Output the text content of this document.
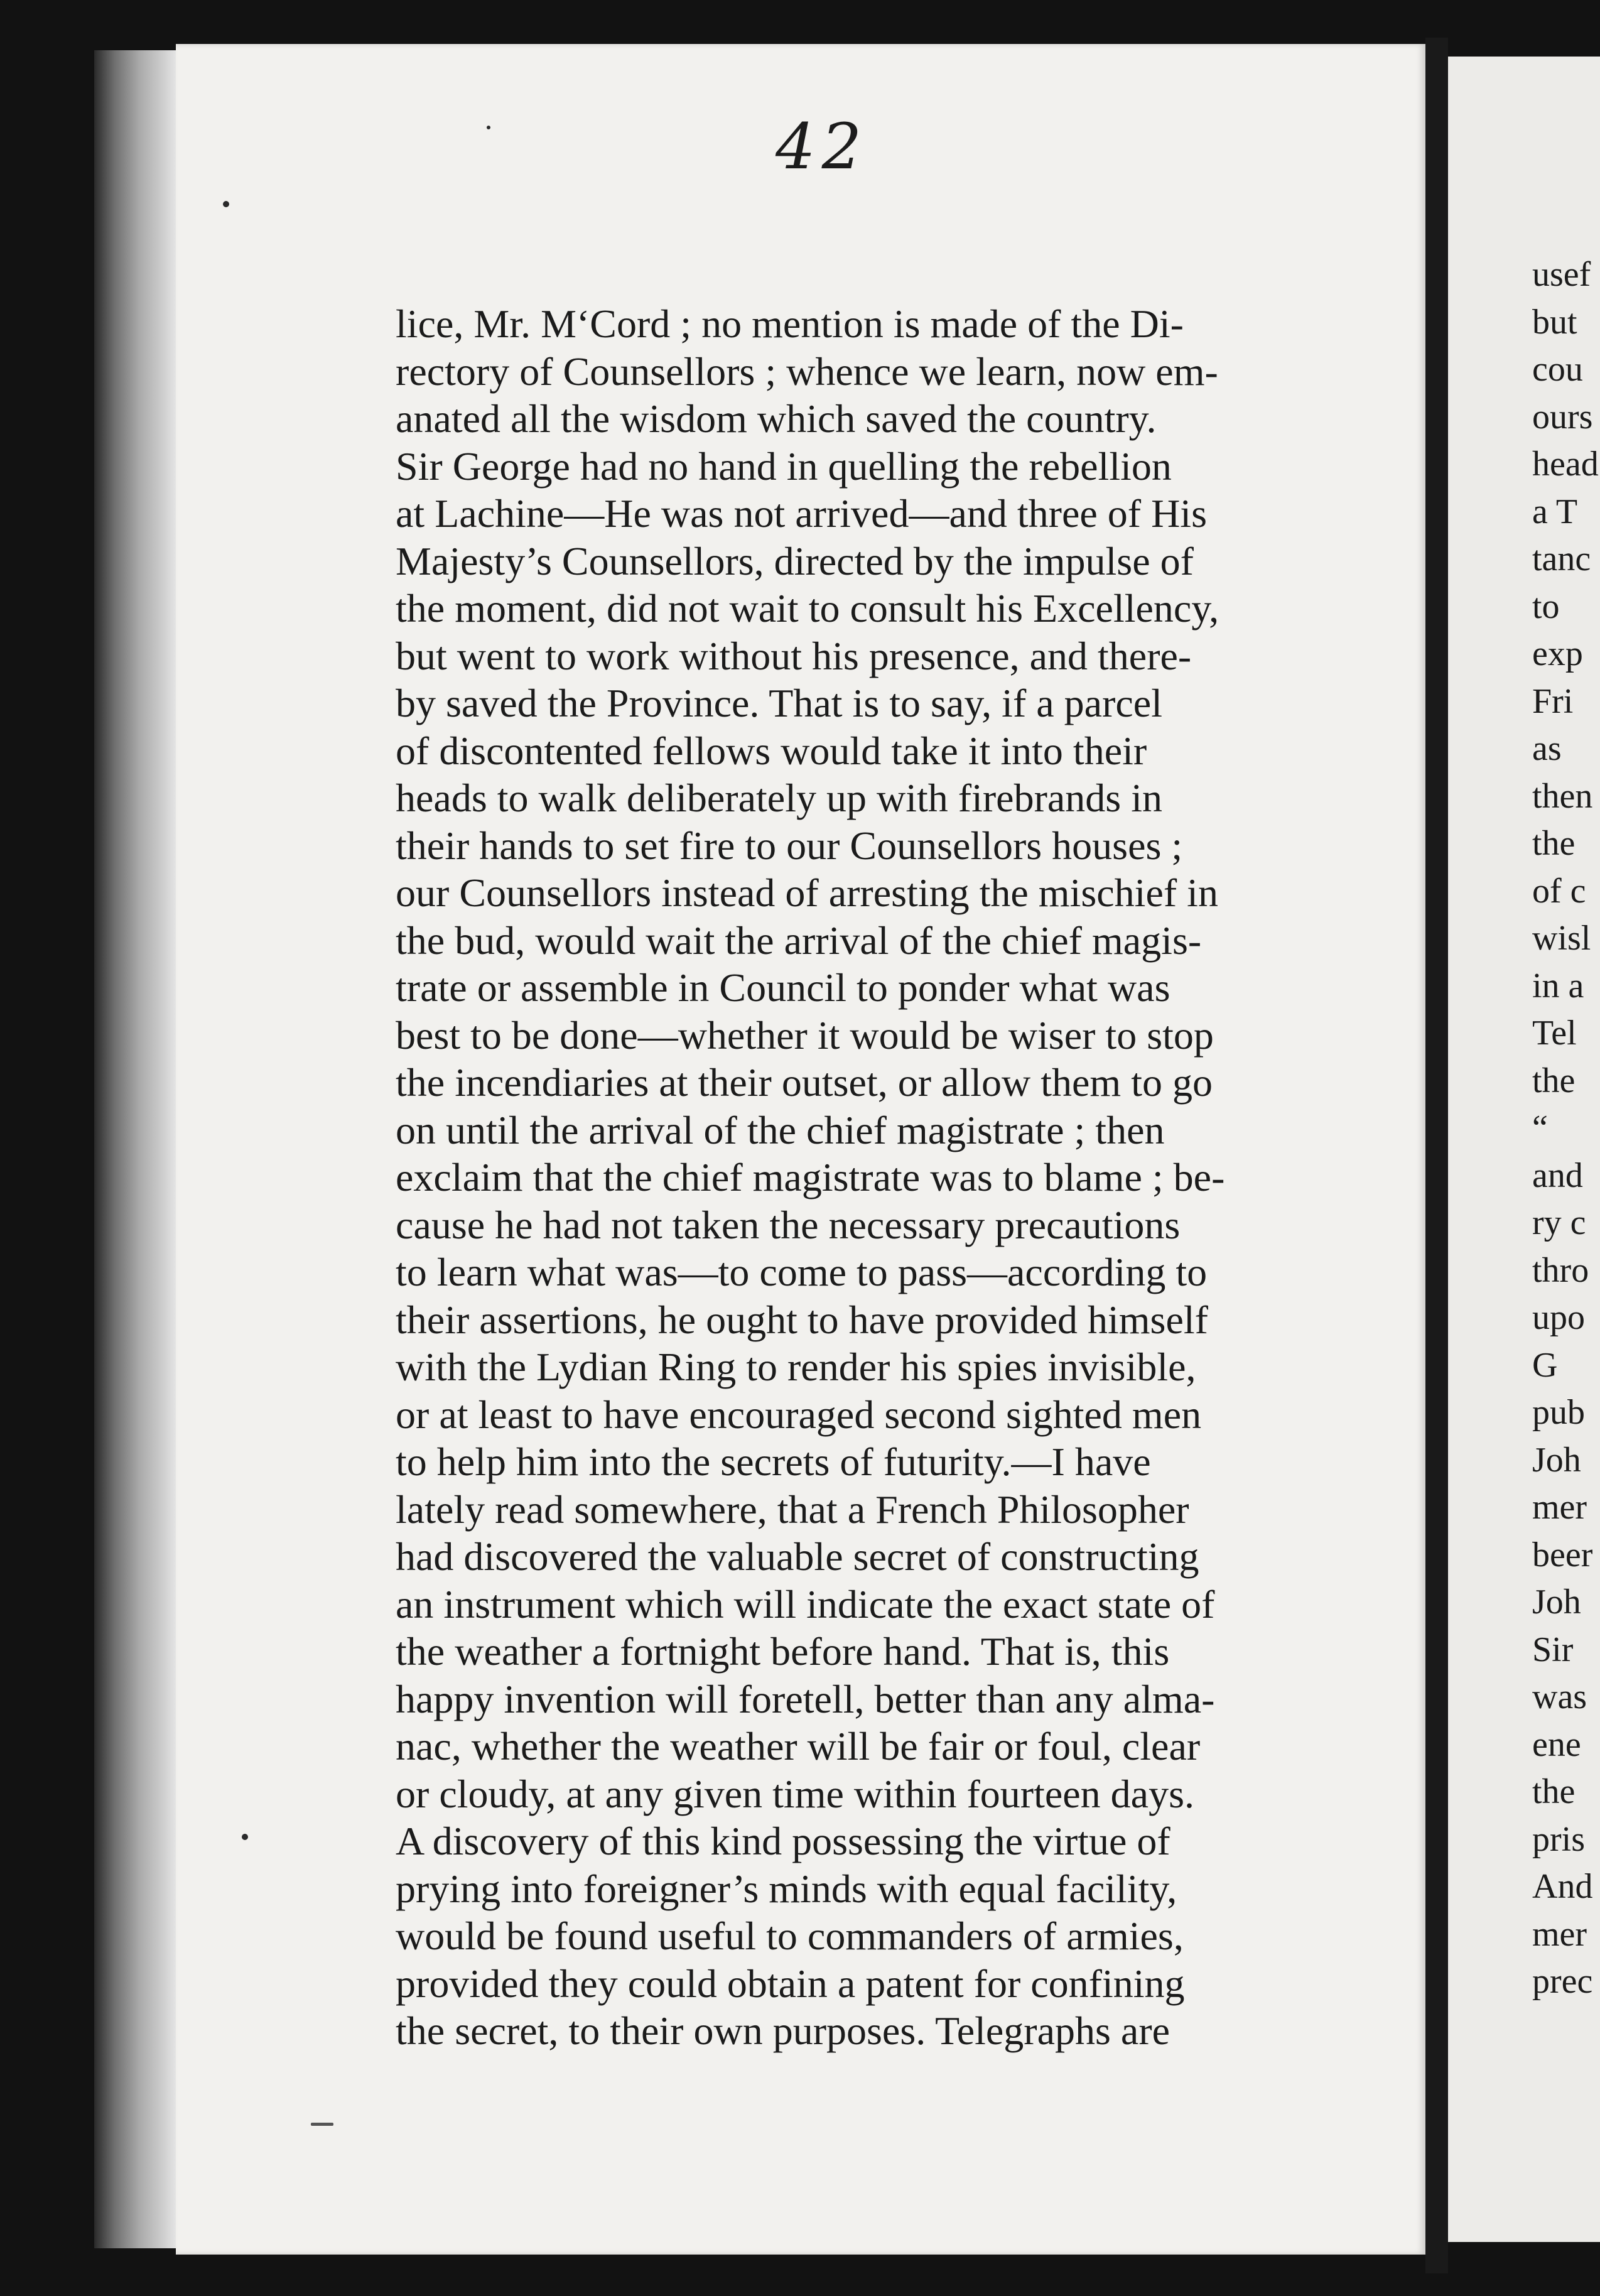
42
lice, Mr. M‘Cord ; no mention is made of the Di-
rectory of Counsellors ; whence we learn, now em-
anated all the wisdom which saved the country.
Sir George had no hand in quelling the rebellion
at Lachine—He was not arrived—and three of His
Majesty’s Counsellors, directed by the impulse of
the moment, did not wait to consult his Excellency,
but went to work without his presence, and there-
by saved the Province. That is to say, if a parcel
of discontented fellows would take it into their
heads to walk deliberately up with firebrands in
their hands to set fire to our Counsellors houses ;
our Counsellors instead of arresting the mischief in
the bud, would wait the arrival of the chief magis-
trate or assemble in Council to ponder what was
best to be done—whether it would be wiser to stop
the incendiaries at their outset, or allow them to go
on until the arrival of the chief magistrate ; then
exclaim that the chief magistrate was to blame ; be-
cause he had not taken the necessary precautions
to learn what was—to come to pass—according to
their assertions, he ought to have provided himself
with the Lydian Ring to render his spies invisible,
or at least to have encouraged second sighted men
to help him into the secrets of futurity.—I have
lately read somewhere, that a French Philosopher
had discovered the valuable secret of constructing
an instrument which will indicate the exact state of
the weather a fortnight before hand. That is, this
happy invention will foretell, better than any alma-
nac, whether the weather will be fair or foul, clear
or cloudy, at any given time within fourteen days.
A discovery of this kind possessing the virtue of
prying into foreigner’s minds with equal facility,
would be found useful to commanders of armies,
provided they could obtain a patent for confining
the secret, to their own purposes. Telegraphs are
usef
but
cou
ours
head
a T
tanc
to
exp
Fri
as
then
the
of c
wisl
in a
Tel
the
“
and
ry c
thro
upo
G
pub
Joh
mer
beer
Joh
Sir
was
ene
the
pris
And
mer
prec
